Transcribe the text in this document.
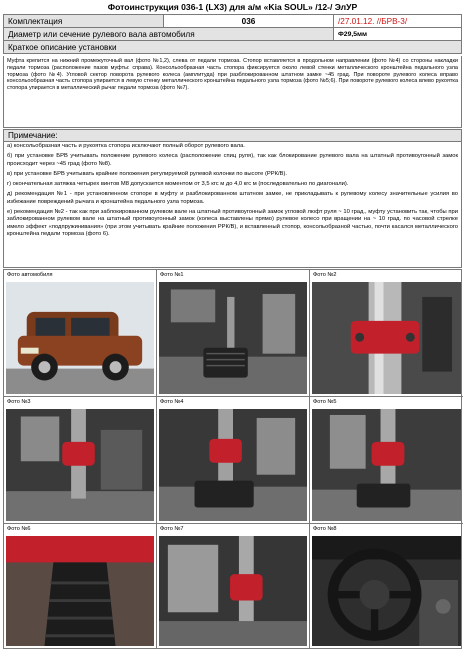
Фотоинструкция 036-1 (LX3) для а/м «Kia SOUL» /12-/ ЭлУР
Комплектация	036	/27.01.12. //БРВ-3/
Диаметр или сечение рулевого вала автомобиля		Ф29,5мм
Краткое описание установки		
Муфта крепится на нижний промежуточный вал (фото №1,2), слева от педали тормоза. Стопор вставляется в продольном направлении (фото №4) со стороны накладки педали тормоза (расположение пазов муфты: справа). Консольообразная часть стопора фиксируется около левой стенки металлического кронштейна педального узла тормоза (фото №4). Угловой сектор поворота рулевого колеса (амплитуда) при разблокированном штатном замке ~45 град. При повороте рулевого колеса вправо консольообразная часть стопора упирается в левую стенку металлического кронштейна педального узла тормоза (фото №5;6). При повороте рулевого колеса влево рукоятка стопора упирается в металлический рычаг педали тормоза (фото №7).
Примечание:

а) консольобразная часть и рукоятка стопора исключают полный оборот рулевого вала.

б) при установке БРВ учитывать положение рулевого колеса (расположение спиц руля), так как блокирование рулевого вала на штатный противоугонный замок происходит через ~45 град (фото №8).

в) при установке БРВ учитывать крайние положения регулируемой рулевой колонки по высоте (РРК/В).

г) окончательная затяжка четырех винтов М8 допускается моментом от 3,5 кгс м до 4,0 кгс м (последовательно по диагонали).

д) рекомендация №1 - при установленном стопоре в муфту и разблокированном штатном замке, не прикладывать к рулевому колесу значительные усилия во избежание повреждений рычага и кронштейна педального узла тормоза.

е) рекомендация №2 - так как при заблокированном рулевом вале на штатный противоугонный замок угловой люфт руля ~ 10 град., муфту установить так, чтобы при заблокированном рулевом вале на штатный противоугонный замок (колеса выставлены прямо) рулевое колесо при вращении на ~ 10 град. по часовой стрелке имело эффект «подпружинивания» (при этом учитывать крайние положения РРК/В), и вставленный стопор, консольобразной частью, почти касался металлического кронштейна педали тормоза (фото 6).

Фото автомобиля	Фото №1	Фото №2
Фото №3	Фото №4	Фото №5
Фото №6	Фото №7	Фото №8
